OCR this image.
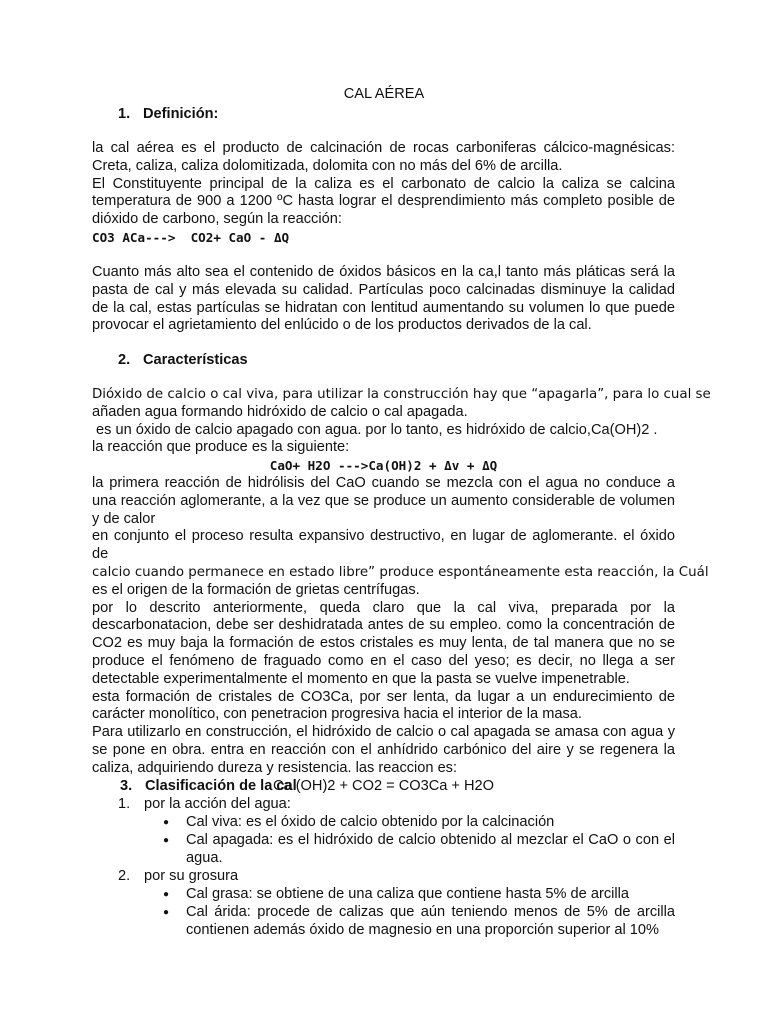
CAL AÉREA
1. Definición:

la cal aérea es el producto de calcinación de rocas carboniferas cálcico-magnésicas: Creta, caliza, caliza dolomitizada, dolomita con no más del 6% de arcilla.

El Constituyente principal de la caliza es el carbonato de calcio la caliza se calcina temperatura de 900 a 1200 ºC hasta lograr el desprendimiento más completo posible de dióxido de carbono, según la reacción:

CO3 ACa--->  CO2+ CaO - ΔQ

Cuanto más alto sea el contenido de óxidos básicos en la ca,l tanto más pláticas será la pasta de cal y más elevada su calidad. Partículas poco calcinadas disminuye la calidad de la cal, estas partículas se hidratan con lentitud aumentando su volumen lo que puede provocar el agrietamiento del enlúcido o de los productos derivados de la cal.
2. Características

Dióxido de calcio o cal viva, para utilizar la construcción hay que “apagarla”, para lo cual se

añaden agua formando hidróxido de calcio o cal apagada.

es un óxido de calcio apagado con agua. por lo tanto, es hidróxido de calcio,Ca(OH)2 .

la reacción que produce es la siguiente:

CaO+ H2O --->Ca(OH)2 + Δv + ΔQ

la primera reacción de hidrólisis del CaO cuando se mezcla con el agua no conduce a una reacción aglomerante, a la vez que se produce un aumento considerable de volumen y de calor

en conjunto el proceso resulta expansivo destructivo, en lugar de aglomerante. el óxido de

calcio cuando permanece en estado libre” produce espontáneamente esta reacción, la Cuál

es el origen de la formación de grietas centrífugas.

por lo descrito anteriormente, queda claro que la cal viva, preparada por la descarbonatacion, debe ser deshidratada antes de su empleo. como la concentración de CO2 es muy baja la formación de estos cristales es muy lenta, de tal manera que no se produce el fenómeno de fraguado como en el caso del yeso; es decir, no llega a ser detectable experimentalmente el momento en que la pasta se vuelve impenetrable.

esta formación de cristales de CO3Ca, por ser lenta, da lugar a un endurecimiento de carácter monolítico, con penetracion progresiva hacia el interior de la masa.

Para utilizarlo en construcción, el hidróxido de calcio o cal apagada se amasa con agua y se pone en obra. entra en reacción con el anhídrido carbónico del aire y se regenera la caliza, adquiriendo dureza y resistencia. las reaccion es:

Ca (OH)2 + CO2 = CO3Ca + H2O

3. Clasificación de la cal
1. por la acción del agua:
● Cal viva: es el óxido de calcio obtenido por la calcinación
● Cal apagada: es el hidróxido de calcio obtenido al mezclar el CaO o con el agua.
2. por su grosura
● Cal grasa: se obtiene de una caliza que contiene hasta 5% de arcilla
● Cal árida: procede de calizas que aún teniendo menos de 5% de arcilla contienen además óxido de magnesio en una proporción superior al 10%
